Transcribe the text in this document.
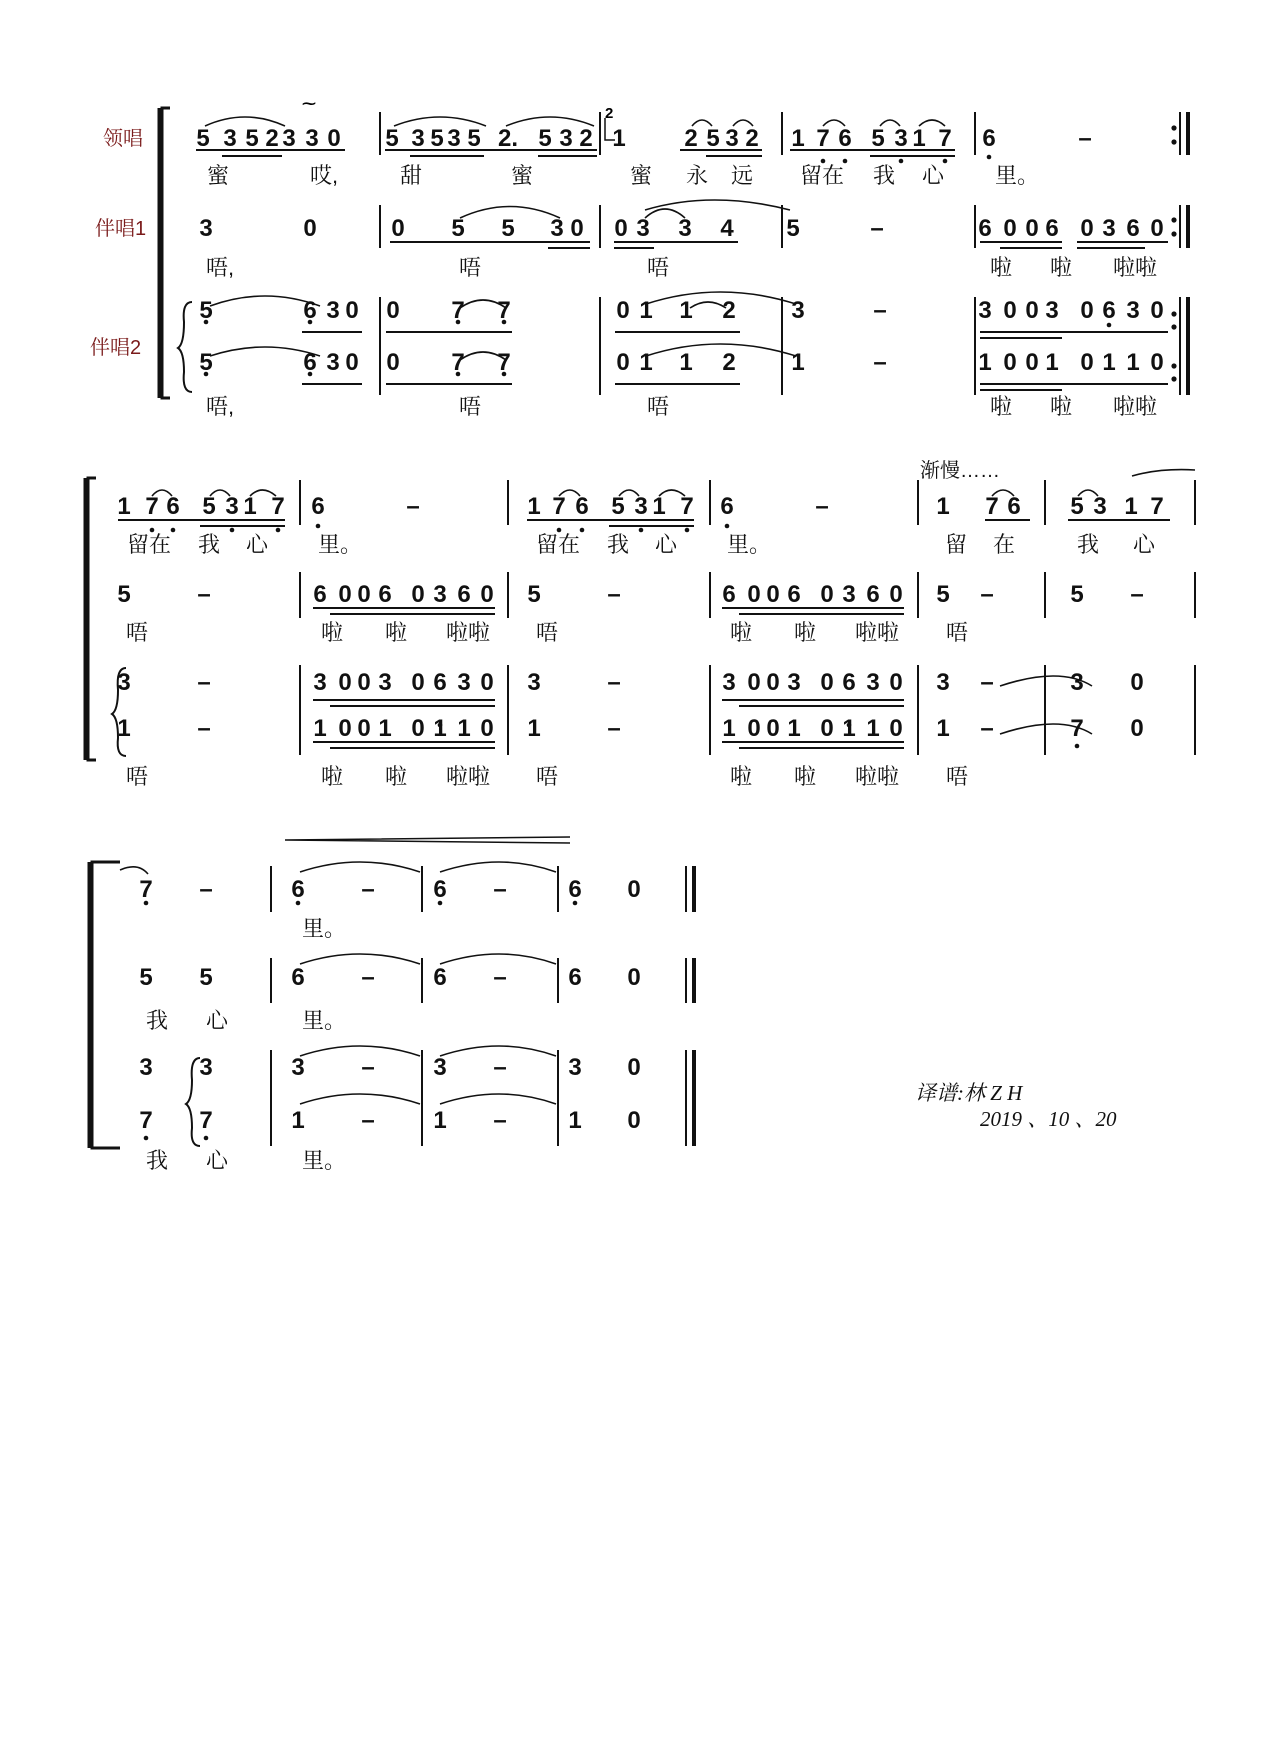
领唱
伴唱1
伴唱2
⁓
2
渐慢……
译谱:林 Z H
2019 、10 、20
5 3 5 2 3 3 0 5 3 5 3 5 2. 5 3 2 1 2 5 3 2 1 7 6 5 3 1 7 6	–
蜜	哎,	甜	蜜	蜜 永 远 留在 我 心 里。
3	0	0 5 5 3 0 0 3 3 4 5	–	6 0 0 6 0 3 6 0
唔,	唔	唔	啦 啦 啦啦
5	6 3 0 0 7 7	0 1 1 2 3	–	3 0 0 3 0 6 3 0
5	6 3 0 0 7 7	0 1 1 2 1	–	1 0 0 1 0 1 1 0
唔,	唔	唔	啦 啦 啦啦
1 7 6 5 3 1 7 6	–	1 7 6 5 3 1 7 6	–	1 7 6 5 3 1 7
留在 我 心 里。	留在 我 心 里。	留 在	我 心
5	–	6 0 0 6 0 3 6 0 5	–	6 0 0 6 0 3 6 0 5 –	5 –
唔	啦 啦 啦啦 唔	啦 啦 啦啦 唔
3	–	3 0 0 3 0 6 3 0 3	–	3 0 0 3 0 6 3 0 3 –	3 0
1	–	1 0 0 1 0 1 1 0 1	–	1 0 0 1 0 1 1 0 1 –	7 0
唔	啦 啦 啦啦 唔	啦 啦 啦啦 唔
7 –	6 – 6 –	6 0
里。
5 5	6 – 6 –	6 0
我 心	里。
3 3	3 – 3 –	3 0
7 7	1 – 1 –	1 0
我 心	里。
